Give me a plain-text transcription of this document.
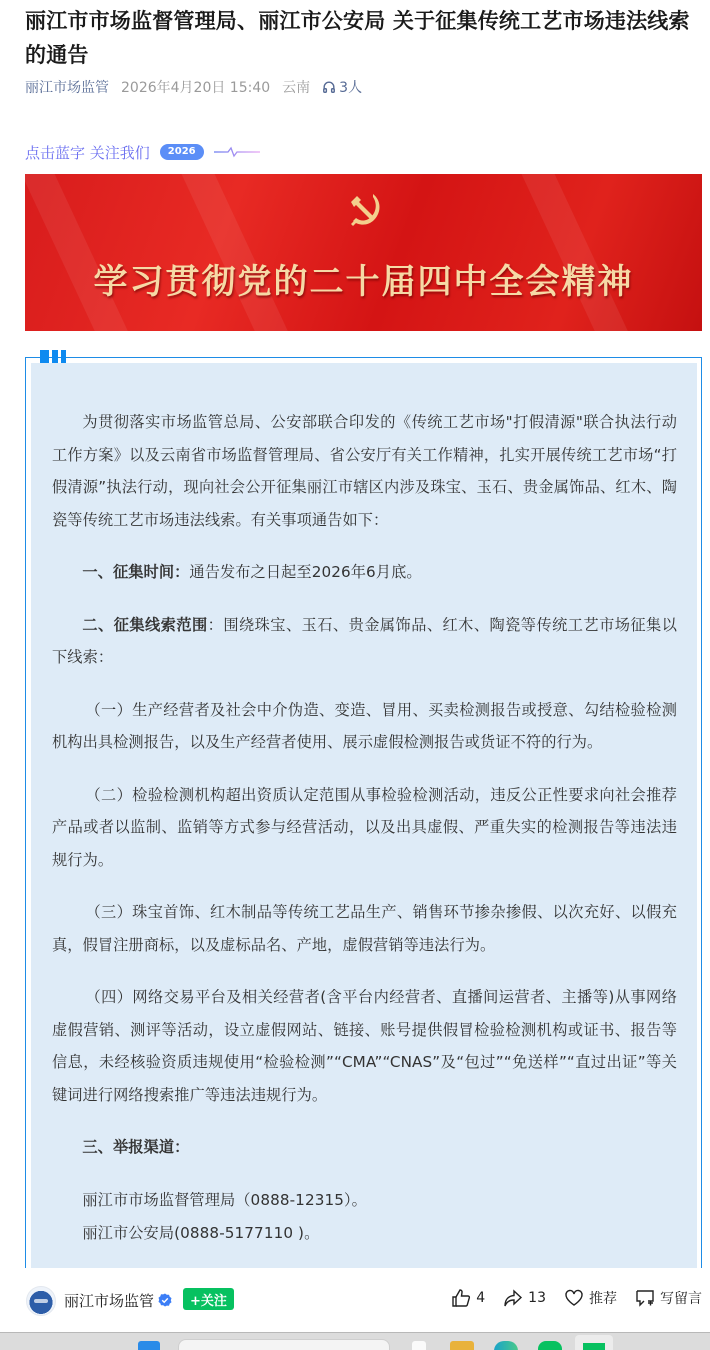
丽江市市场监督管理局、丽江市公安局 关于征集传统工艺市场违法线索的通告
丽江市场监管 2026年4月20日 15:40 云南 3人
点击蓝字 关注我们	2026
学习贯彻党的二十届四中全会精神

为贯彻落实市场监管总局、公安部联合印发的《传统工艺市场"打假清源"联合执法行动工作方案》以及云南省市场监督管理局、省公安厅有关工作精神，扎实开展传统工艺市场“打假清源”执法行动，现向社会公开征集丽江市辖区内涉及珠宝、玉石、贵金属饰品、红木、陶瓷等传统工艺市场违法线索。有关事项通告如下：

一、征集时间：通告发布之日起至2026年6月底。

二、征集线索范围：围绕珠宝、玉石、贵金属饰品、红木、陶瓷等传统工艺市场征集以下线索：

（一）生产经营者及社会中介伪造、变造、冒用、买卖检测报告或授意、勾结检验检测机构出具检测报告，以及生产经营者使用、展示虚假检测报告或货证不符的行为。

（二）检验检测机构超出资质认定范围从事检验检测活动，违反公正性要求向社会推荐产品或者以监制、监销等方式参与经营活动，以及出具虚假、严重失实的检测报告等违法违规行为。

（三）珠宝首饰、红木制品等传统工艺品生产、销售环节掺杂掺假、以次充好、以假充真，假冒注册商标，以及虚标品名、产地，虚假营销等违法行为。

（四）网络交易平台及相关经营者(含平台内经营者、直播间运营者、主播等)从事网络虚假营销、测评等活动，设立虚假网站、链接、账号提供假冒检验检测机构或证书、报告等信息，未经核验资质违规使用“检验检测”“CMA”“CNAS”及“包过”“免送样”“直过出证”等关键词进行网络搜索推广等违法违规行为。

三、举报渠道：

丽江市市场监督管理局（0888-12315）。

丽江市公安局(0888-5177110 )。

丽江市场监管	+关注	4	13	推荐	写留言
